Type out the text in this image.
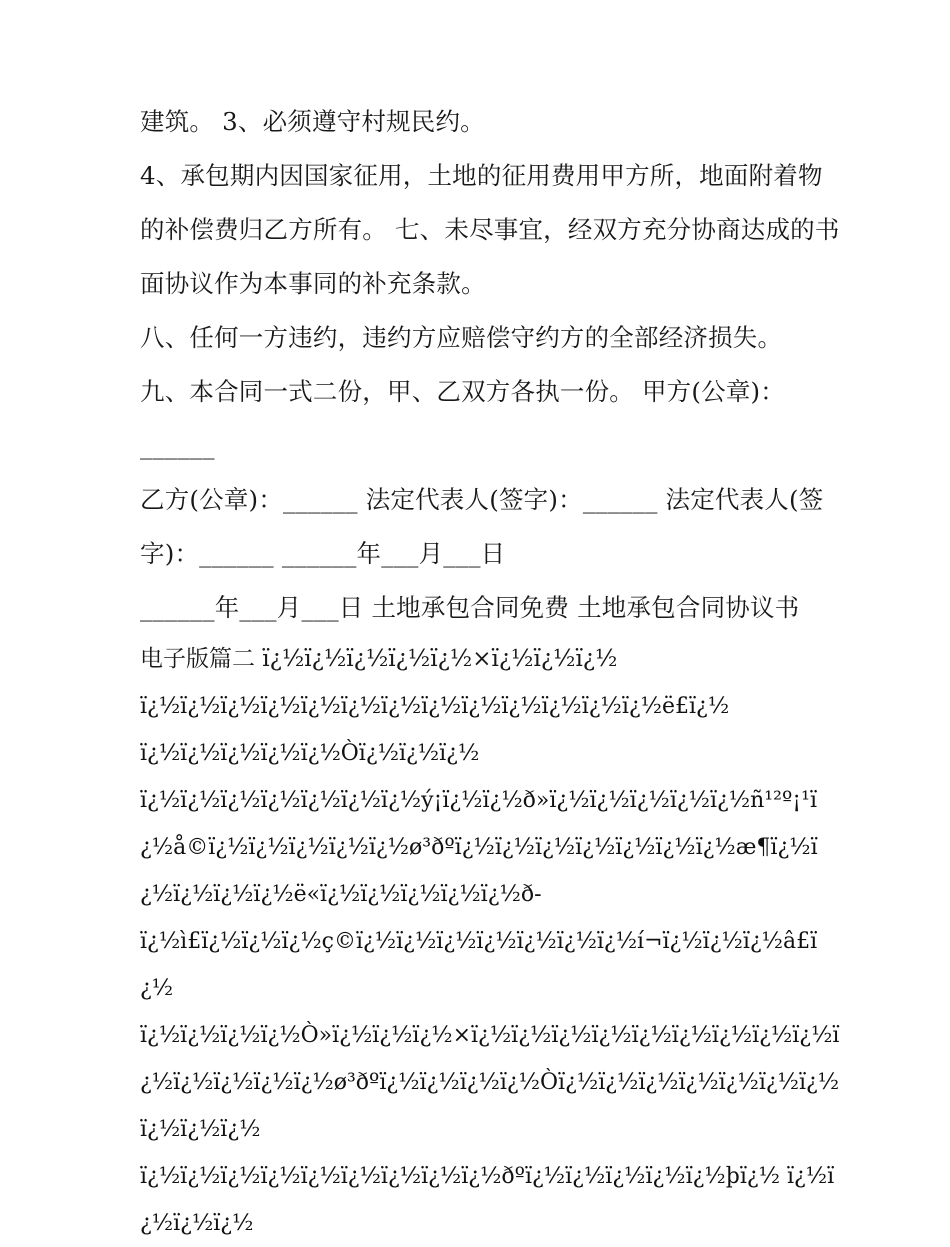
建筑。 3、必须遵守村规民约。

4、承包期内因国家征用，土地的征用费用甲方所，地面附着物的补偿费归乙方所有。 七、未尽事宜，经双方充分协商达成的书面协议作为本事同的补充条款。

八、任何一方违约，违约方应赔偿守约方的全部经济损失。

九、本合同一式二份，甲、乙双方各执一份。 甲方(公章)：

______

乙方(公章)：______ 法定代表人(签字)：______ 法定代表人(签字)：______ ______年___月___日

______年___月___日 土地承包合同免费 土地承包合同协议书

电子版篇二 ï¿½ï¿½ï¿½ï¿½ï¿½×ï¿½ï¿½ï¿½

ï¿½ï¿½ï¿½ï¿½ï¿½ï¿½ï¿½ï¿½ï¿½ï¿½ï¿½ï¿½ï¿½ë£ï¿½

ï¿½ï¿½ï¿½ï¿½ï¿½Òï¿½ï¿½ï¿½

ï¿½ï¿½ï¿½ï¿½ï¿½ï¿½ï¿½ý¡ï¿½ï¿½ð»ï¿½ï¿½ï¿½ï¿½ï¿½ñ¹²º¡¹ï¿½å©ï¿½ï¿½ï¿½ï¿½ï¿½ø³ðºï¿½ï¿½ï¿½ï¿½ï¿½ï¿½ï¿½æ¶ï¿½ï¿½ï¿½ï¿½ï¿½ë«ï¿½ï¿½ï¿½ï¿½ï¿½ð-

ï¿½ì£ï¿½ï¿½ï¿½ç©ï¿½ï¿½ï¿½ï¿½ï¿½ï¿½ï¿½í¬ï¿½ï¿½ï¿½â£ï¿½

ï¿½ï¿½ï¿½ï¿½Ò»ï¿½ï¿½ï¿½×ï¿½ï¿½ï¿½ï¿½ï¿½ï¿½ï¿½ï¿½ï¿½ï¿½ï¿½ï¿½ï¿½ï¿½ø³ðºï¿½ï¿½ï¿½ï¿½Òï¿½ï¿½ï¿½ï¿½ï¿½ï¿½ï¿½ï¿½ï¿½ï¿½

ï¿½ï¿½ï¿½ï¿½ï¿½ï¿½ï¿½ï¿½ï¿½ðºï¿½ï¿½ï¿½ï¿½ï¿½þï¿½ ï¿½ï¿½ï¿½ï¿½
